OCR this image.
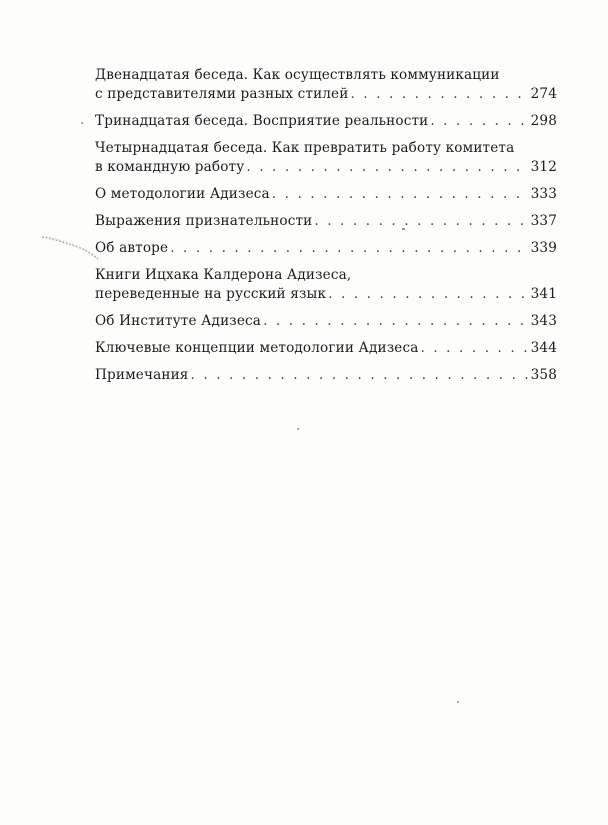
Двенадцатая беседа. Как осуществлять коммуникации
с представителями разных стилей . . .	274
Тринадцатая беседа. Восприятие реальности . . .	298
Четырнадцатая беседа. Как превратить работу комитета
в командную работу . . .	312
О методологии Адизеса . . .	333
Выражения признательности . . .	337
Об авторе . . .	339
Книги Ицхака Калдерона Адизеса,
переведенные на русский язык . . .	341
Об Институте Адизеса . . .	343
Ключевые концепции методологии Адизеса . . .	344
Примечания . . .	358
